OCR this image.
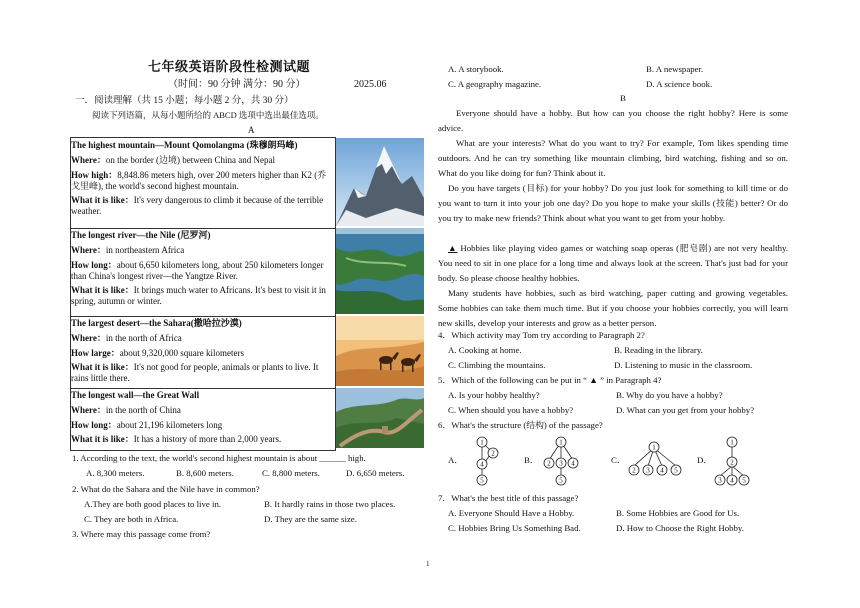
七年级英语阶段性检测试题
（时间：90 分钟 满分：90 分）	2025.06
一．阅读理解（共 15 小题；每小题 2 分，共 30 分）
阅读下列语篇，从每小题所给的 ABCD 选项中选出最佳选项。
A
The highest mountain—Mount Qomolangma (珠穆朗玛峰)
Where：on the border (边境) between China and Nepal
How high：8,848.86 meters high, over 200 meters higher than K2 (乔戈里峰), the world's second highest mountain.
What it is like：It's very dangerous to climb it because of the terrible weather.
The longest river—the Nile (尼罗河)
Where：in northeastern Africa
How long：about 6,650 kilometers long, about 250 kilometers longer than China's longest river—the Yangtze River.
What it is like：It brings much water to Africans. It's best to visit it in spring, autumn or winter.
The largest desert—the Sahara(撒哈拉沙漠)
Where：in the north of Africa
How large：about 9,320,000 square kilometers
What it is like：It's not good for people, animals or plants to live. It rains little there.
The longest wall—the Great Wall
Where：in the north of China
How long：about 21,196 kilometers long
What it is like：It has a history of more than 2,000 years.
1. According to the text, the world's second highest mountain is about ______ high.
A. 8,300 meters.	B. 8,600 meters.	C. 8,800 meters.	D. 6,650 meters.
2. What do the Sahara and the Nile have in common?
A.They are both good places to live in.	B. It hardly rains in those two places.
C. They are both in Africa.	D. They are the same size.
3. Where may this passage come from?
A. A storybook.	B. A newspaper.
C. A geography magazine.	D. A science book.
B
Everyone should have a hobby. But how can you choose the right hobby? Here is some advice.
What are your interests? What do you want to try? For example, Tom likes spending time outdoors. And he can try something like mountain climbing, bird watching, fishing and so on. What do you like doing for fun? Think about it.
Do you have targets (目标) for your hobby? Do you just look for something to kill time or do you want to turn it into your job one day? Do you hope to make your skills (技能) better? Or do you try to make new friends? Think about what you want to get from your hobby.
▲ Hobbies like playing video games or watching soap operas (肥皂剧) are not very healthy. You need to sit in one place for a long time and always look at the screen. That's just bad for your body. So please choose healthy hobbies.
Many students have hobbies, such as bird watching, paper cutting and growing vegetables. Some hobbies can take them much time. But if you choose your hobbies correctly, you will learn new skills, develop your interests and grow as a better person.
4．Which activity may Tom try according to Paragraph 2?
A. Cooking at home.	B. Reading in the library.
C. Climbing the mountains.	D. Listening to music in the classroom.
5．Which of the following can be put in “ ▲ ” in Paragraph 4?
A. Is your hobby healthy?	B. Why do you have a hobby?
C. When should you have a hobby?	D. What can you get from your hobby?
6．What's the structure (结构) of the passage?
A．	B．	C．	D．
1
2
4
5
1
2 3 4
5
1
2 3 4 5
1
2
3 4 5
7．What's the best title of this passage?
A. Everyone Should Have a Hobby.	B. Some Hobbies are Good for Us.
C. Hobbies Bring Us Something Bad.	D. How to Choose the Right Hobby.
1
